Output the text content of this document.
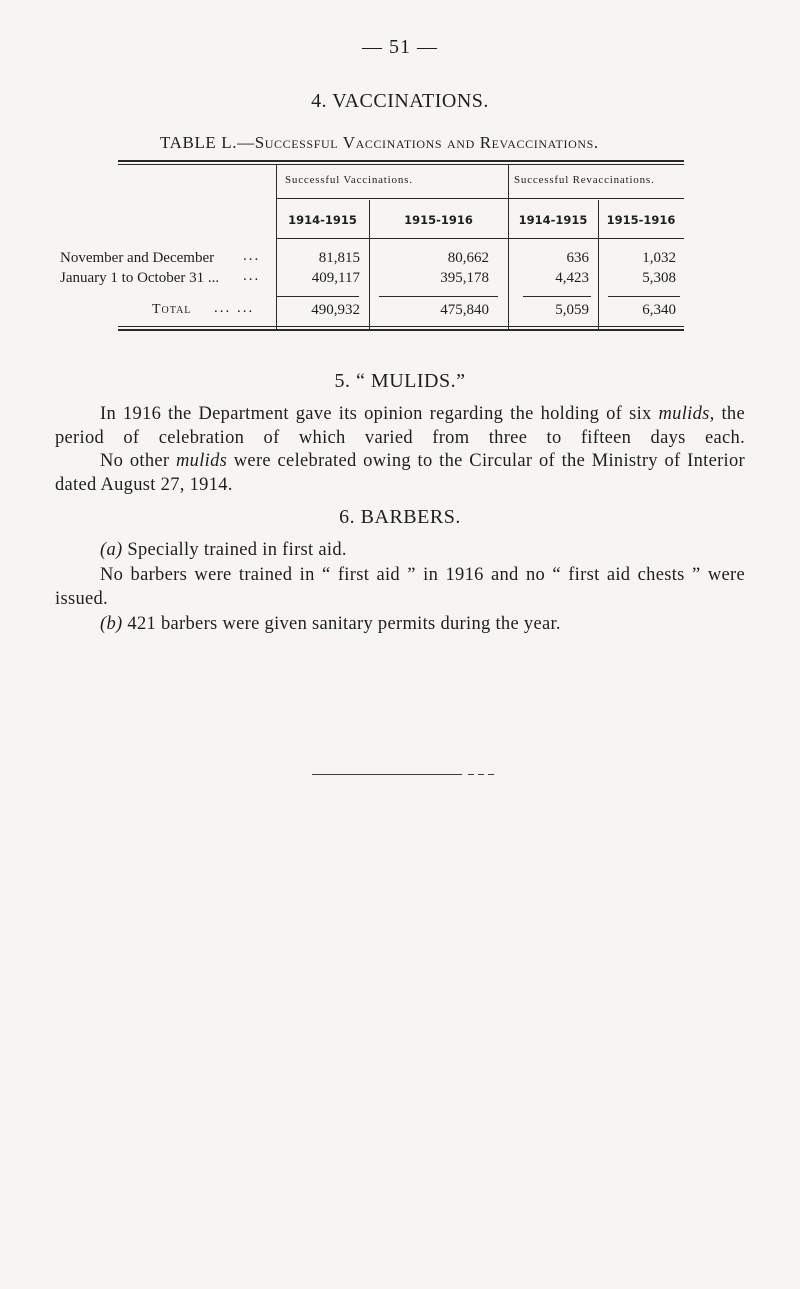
— 51 —
4. VACCINATIONS.
TABLE L.—Successful Vaccinations and Revaccinations.
Successful Vaccinations.	Successful Revaccinations.
1914-1915	1915-1916	1914-1915	1915-1916
November and December ...	81,815	80,662	636	1,032
January 1 to October 31 ... ...	409,117	395,178	4,423	5,308
Total ... ...	490,932	475,840	5,059	6,340
5. “ MULIDS.”
In 1916 the Department gave its opinion regarding the holding of six mulids, the period of celebration of which varied from three to fifteen days each.
No other mulids were celebrated owing to the Circular of the Ministry of Interior dated August 27, 1914.
6. BARBERS.
(a) Specially trained in first aid.
No barbers were trained in “ first aid ” in 1916 and no “ first aid chests ” were issued.
(b) 421 barbers were given sanitary permits during the year.
